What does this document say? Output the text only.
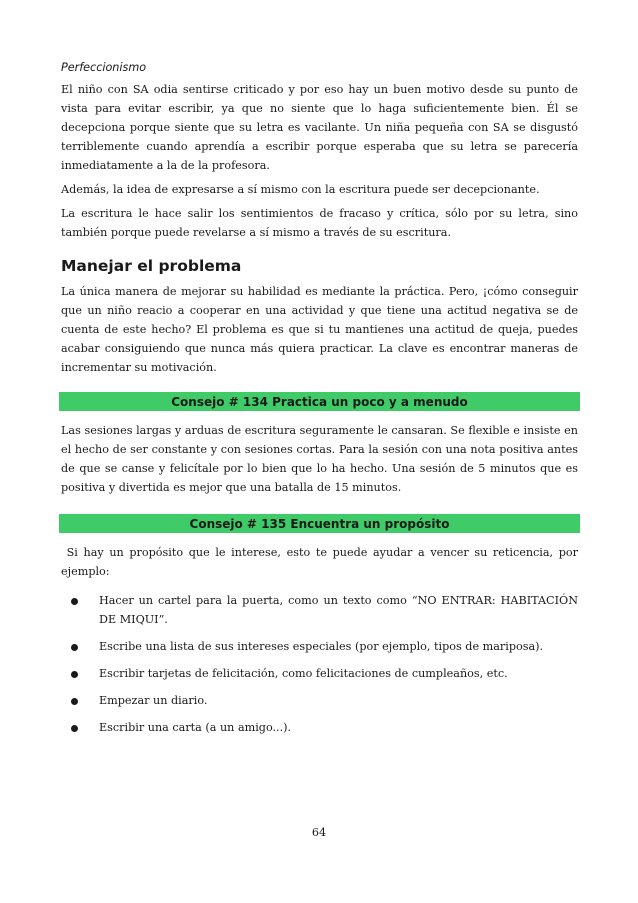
Perfeccionismo

El niño con SA odia sentirse criticado y por eso hay un buen motivo desde su punto de vista para evitar escribir, ya que no siente que lo haga suficientemente bien. Él se decepciona porque siente que su letra es vacilante. Un niña pequeña con SA se disgustó terriblemente cuando aprendía a escribir porque esperaba que su letra se parecería inmediatamente a la de la profesora.

Además, la idea de expresarse a sí mismo con la escritura puede ser decepcionante.

La escritura le hace salir los sentimientos de fracaso y crítica, sólo por su letra, sino también porque puede revelarse a sí mismo a través de su escritura.

Manejar el problema

La única manera de mejorar su habilidad es mediante la práctica. Pero, ¡cómo conseguir que un niño reacio a cooperar en una actividad y que tiene una actitud negativa se de cuenta de este hecho? El problema es que si tu mantienes una actitud de queja, puedes acabar consiguiendo que nunca más quiera practicar. La clave es encontrar maneras de incrementar su motivación.

Consejo # 134 Practica un poco y a menudo

Las sesiones largas y arduas de escritura seguramente le cansaran. Se flexible e insiste en el hecho de ser constante y con sesiones cortas. Para la sesión con una nota positiva antes de que se canse y felicítale por lo bien que lo ha hecho. Una sesión de 5 minutos que es positiva y divertida es mejor que una batalla de 15 minutos.

Consejo # 135 Encuentra un propósito

Si hay un propósito que le interese, esto te puede ayudar a vencer su reticencia, por ejemplo:

Hacer un cartel para la puerta, como un texto como “NO ENTRAR: HABITACIÓN DE MIQUI”.
Escribe una lista de sus intereses especiales (por ejemplo, tipos de mariposa).
Escribir tarjetas de felicitación, como felicitaciones de cumpleaños, etc.
Empezar un diario.
Escribir una carta (a un amigo...).
64
